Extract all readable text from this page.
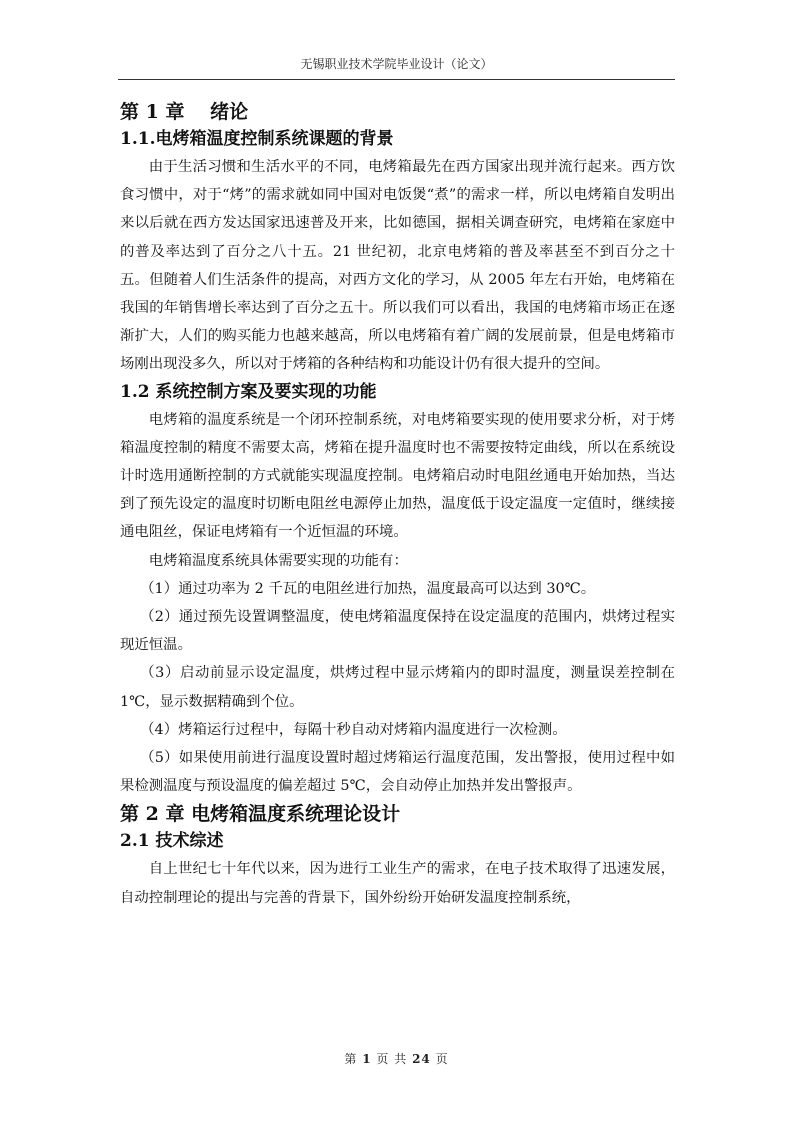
无锡职业技术学院毕业设计（论文）
第 1 章　 绪论
1.1.电烤箱温度控制系统课题的背景

由于生活习惯和生活水平的不同，电烤箱最先在西方国家出现并流行起来。西方饮食习惯中，对于“烤”的需求就如同中国对电饭煲“煮”的需求一样，所以电烤箱自发明出来以后就在西方发达国家迅速普及开来，比如德国，据相关调查研究，电烤箱在家庭中的普及率达到了百分之八十五。21 世纪初，北京电烤箱的普及率甚至不到百分之十五。但随着人们生活条件的提高，对西方文化的学习，从 2005 年左右开始，电烤箱在我国的年销售增长率达到了百分之五十。所以我们可以看出，我国的电烤箱市场正在逐渐扩大，人们的购买能力也越来越高，所以电烤箱有着广阔的发展前景，但是电烤箱市场刚出现没多久，所以对于烤箱的各种结构和功能设计仍有很大提升的空间。

1.2 系统控制方案及要实现的功能

电烤箱的温度系统是一个闭环控制系统，对电烤箱要实现的使用要求分析，对于烤箱温度控制的精度不需要太高，烤箱在提升温度时也不需要按特定曲线，所以在系统设计时选用通断控制的方式就能实现温度控制。电烤箱启动时电阻丝通电开始加热，当达到了预先设定的温度时切断电阻丝电源停止加热，温度低于设定温度一定值时，继续接通电阻丝，保证电烤箱有一个近恒温的环境。

电烤箱温度系统具体需要实现的功能有：

（1）通过功率为 2 千瓦的电阻丝进行加热，温度最高可以达到 30℃。

（2）通过预先设置调整温度，使电烤箱温度保持在设定温度的范围内，烘烤过程实现近恒温。

（3）启动前显示设定温度，烘烤过程中显示烤箱内的即时温度，测量误差控制在 1℃，显示数据精确到个位。

（4）烤箱运行过程中，每隔十秒自动对烤箱内温度进行一次检测。

（5）如果使用前进行温度设置时超过烤箱运行温度范围，发出警报，使用过程中如果检测温度与预设温度的偏差超过 5℃，会自动停止加热并发出警报声。

第 2 章 电烤箱温度系统理论设计
2.1 技术综述

自上世纪七十年代以来，因为进行工业生产的需求，在电子技术取得了迅速发展，自动控制理论的提出与完善的背景下，国外纷纷开始研发温度控制系统，

第 1 页 共 24 页
